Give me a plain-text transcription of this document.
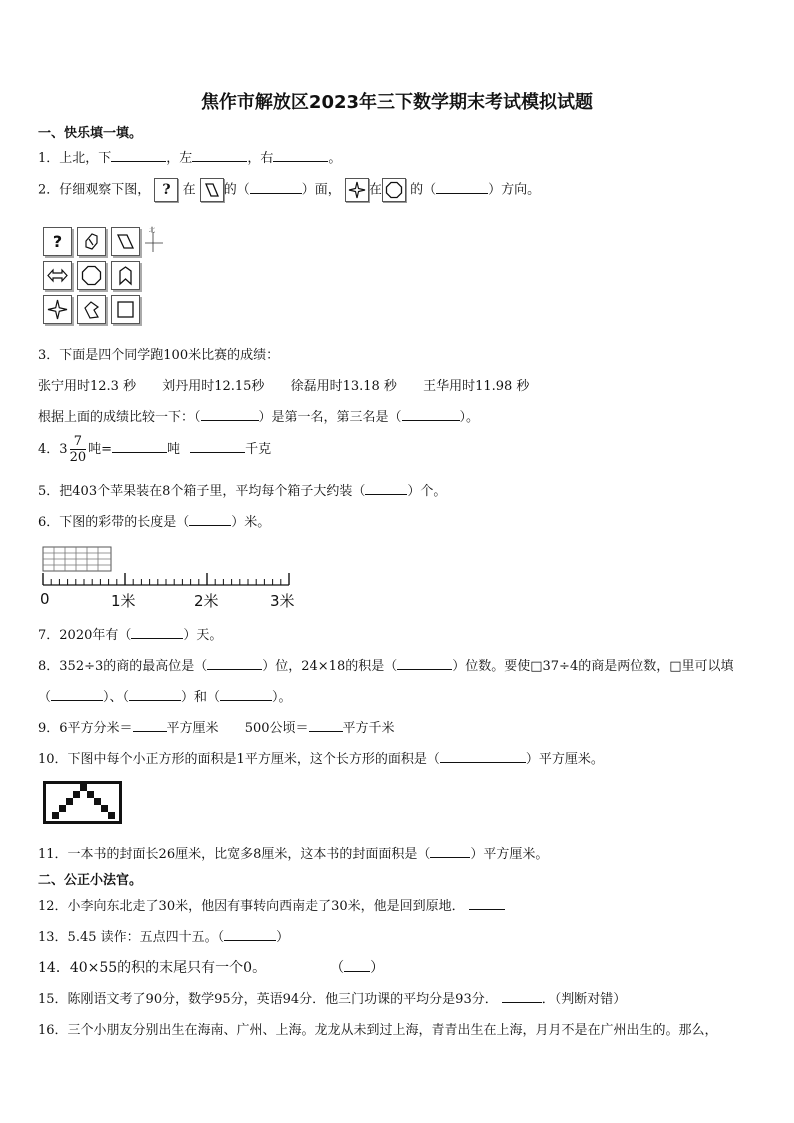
焦作市解放区2023年三下数学期末考试模拟试题
一、快乐填一填。
1．上北，下	，左	，右	。
2．仔细观察下图， ? 在 的（	）面， 在 的（	）方向。
?
北
3．下面是四个同学跑100米比赛的成绩：
张宁用时12.3 秒 刘丹用时12.15秒 徐磊用时13.18 秒 王华用时11.98 秒
根据上面的成绩比较一下：（	）是第一名，第三名是（	）。
4．$3 \frac{7}{20}$ 吨=	吨	千克
5．把403个苹果装在8个箱子里，平均每个箱子大约装（	）个。
6．下图的彩带的长度是（	）米。
0	1米	2米	3米
7．2020年有（	）天。
8．352÷3的商的最高位是（	）位，24×18的积是（	）位数。要使□37÷4的商是两位数，□里可以填
（	）、（	）和（	）。
9．6平方分米＝	平方厘米 500公顷＝	平方千米
10．下图中每个小正方形的面积是1平方厘米，这个长方形的面积是（	）平方厘米。
11．一本书的封面长26厘米，比宽多8厘米，这本书的封面面积是（	）平方厘米。
二、公正小法官。
12．小李向东北走了30米，他因有事转向西南走了30米，他是回到原地．
13．5.45 读作：五点四十五。（	）
14．40×55的积的末尾只有一个0。	（ ）
15．陈刚语文考了90分，数学95分，英语94分．他三门功课的平均分是93分．	．（判断对错）
16．三个小朋友分别出生在海南、广州、上海。龙龙从未到过上海，青青出生在上海，月月不是在广州出生的。那么，
